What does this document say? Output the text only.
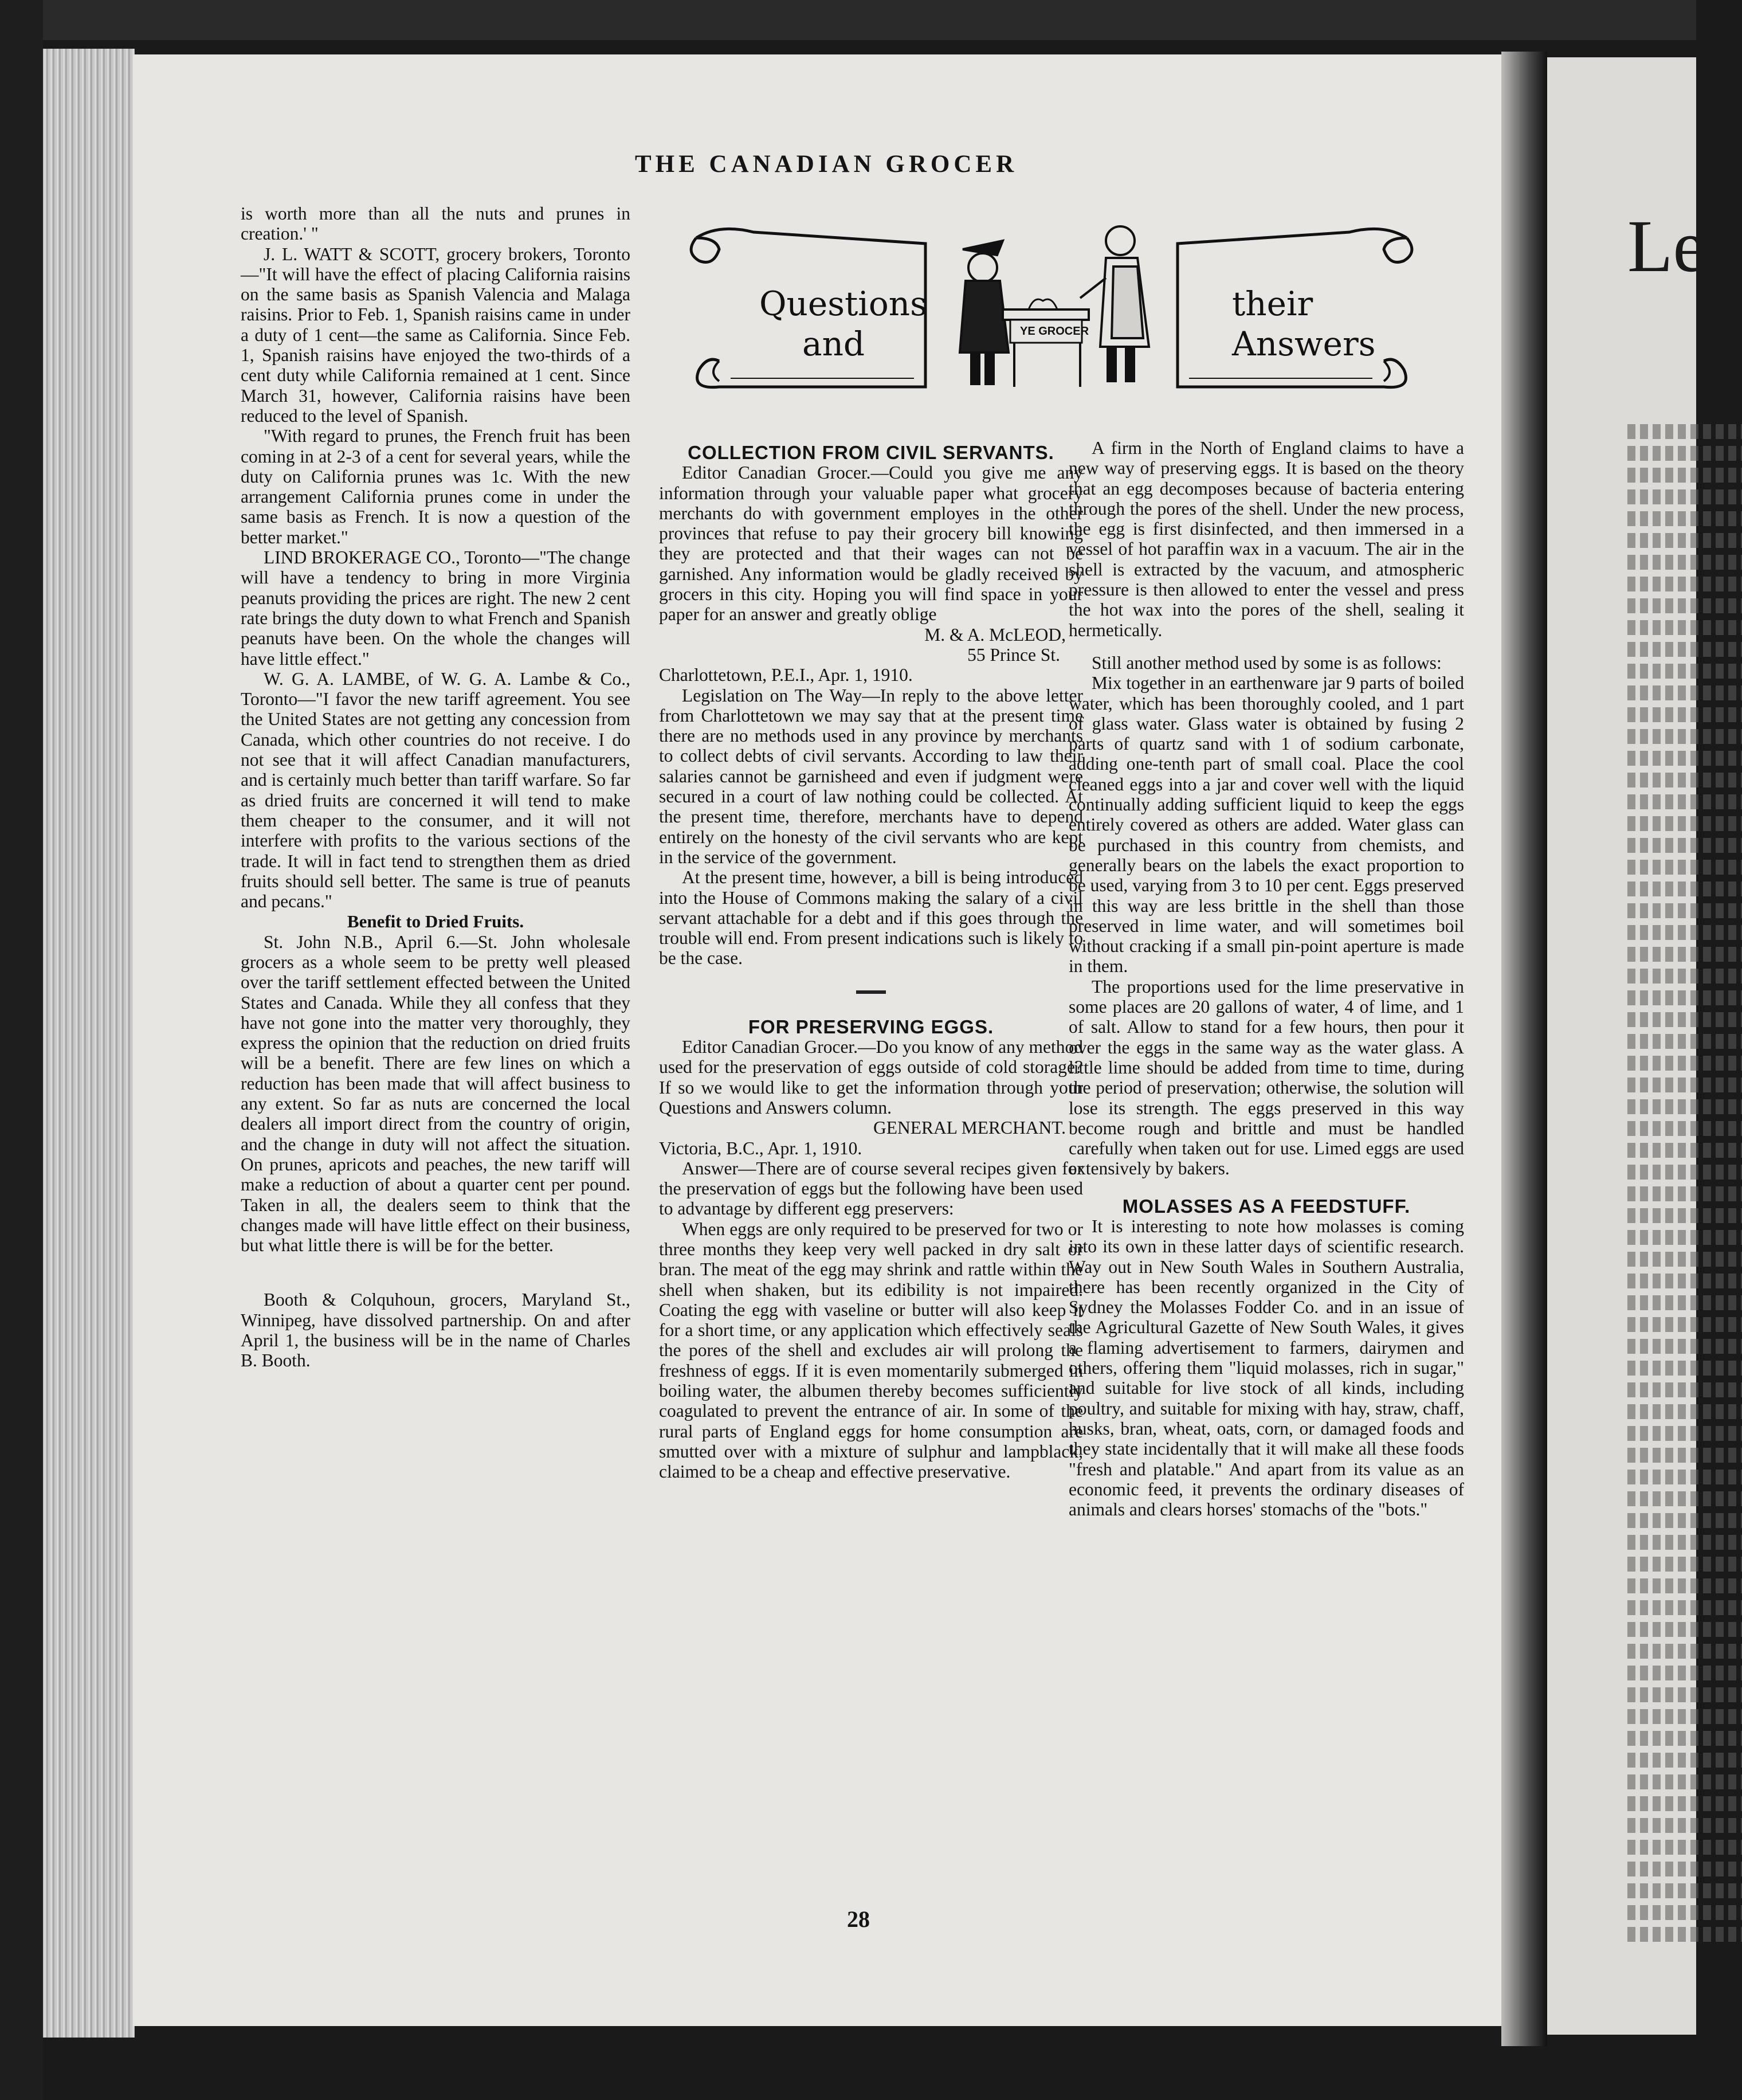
THE CANADIAN GROCER
Questions
and
their
Answers
YE GROCER

is worth more than all the nuts and prunes in creation.' "

J. L. WATT & SCOTT, grocery brokers, Toronto—"It will have the effect of placing California raisins on the same basis as Spanish Valencia and Malaga raisins. Prior to Feb. 1, Spanish raisins came in under a duty of 1 cent—the same as California. Since Feb. 1, Spanish raisins have enjoyed the two-thirds of a cent duty while California remained at 1 cent. Since March 31, however, California raisins have been reduced to the level of Spanish.

"With regard to prunes, the French fruit has been coming in at 2-3 of a cent for several years, while the duty on California prunes was 1c. With the new arrangement California prunes come in under the same basis as French. It is now a question of the better market."

LIND BROKERAGE CO., Toronto—"The change will have a tendency to bring in more Virginia peanuts providing the prices are right. The new 2 cent rate brings the duty down to what French and Spanish peanuts have been. On the whole the changes will have little effect."

W. G. A. LAMBE, of W. G. A. Lambe & Co., Toronto—"I favor the new tariff agreement. You see the United States are not getting any concession from Canada, which other countries do not receive. I do not see that it will affect Canadian manufacturers, and is certainly much better than tariff warfare. So far as dried fruits are concerned it will tend to make them cheaper to the consumer, and it will not interfere with profits to the various sections of the trade. It will in fact tend to strengthen them as dried fruits should sell better. The same is true of peanuts and pecans."

Benefit to Dried Fruits.

St. John N.B., April 6.—St. John wholesale grocers as a whole seem to be pretty well pleased over the tariff settlement effected between the United States and Canada. While they all confess that they have not gone into the matter very thoroughly, they express the opinion that the reduction on dried fruits will be a benefit. There are few lines on which a reduction has been made that will affect business to any extent. So far as nuts are concerned the local dealers all import direct from the country of origin, and the change in duty will not affect the situation. On prunes, apricots and peaches, the new tariff will make a reduction of about a quarter cent per pound. Taken in all, the dealers seem to think that the changes made will have little effect on their business, but what little there is will be for the better.

Booth & Colquhoun, grocers, Maryland St., Winnipeg, have dissolved partnership. On and after April 1, the business will be in the name of Charles B. Booth.

COLLECTION FROM CIVIL SERVANTS.

Editor Canadian Grocer.—Could you give me any information through your valuable paper what grocery merchants do with government employes in the other provinces that refuse to pay their grocery bill knowing they are protected and that their wages can not be garnished. Any information would be gladly received by grocers in this city. Hoping you will find space in your paper for an answer and greatly oblige

M. & A. McLEOD,

55 Prince St.

Charlottetown, P.E.I., Apr. 1, 1910.

Legislation on The Way—In reply to the above letter from Charlottetown we may say that at the present time there are no methods used in any province by merchants to collect debts of civil servants. According to law their salaries cannot be garnisheed and even if judgment were secured in a court of law nothing could be collected. At the present time, therefore, merchants have to depend entirely on the honesty of the civil servants who are kept in the service of the government.

At the present time, however, a bill is being introduced into the House of Commons making the salary of a civil servant attachable for a debt and if this goes through the trouble will end. From present indications such is likely to be the case.

FOR PRESERVING EGGS.

Editor Canadian Grocer.—Do you know of any method used for the preservation of eggs outside of cold storage? If so we would like to get the information through your Questions and Answers column.

GENERAL MERCHANT.

Victoria, B.C., Apr. 1, 1910.

Answer—There are of course several recipes given for the preservation of eggs but the following have been used to advantage by different egg preservers:

When eggs are only required to be preserved for two or three months they keep very well packed in dry salt or bran. The meat of the egg may shrink and rattle within the shell when shaken, but its edibility is not impaired. Coating the egg with vaseline or butter will also keep it for a short time, or any application which effectively seals the pores of the shell and excludes air will prolong the freshness of eggs. If it is even momentarily submerged in boiling water, the albumen thereby becomes sufficiently coagulated to prevent the entrance of air. In some of the rural parts of England eggs for home consumption are smutted over with a mixture of sulphur and lampblack, claimed to be a cheap and effective preservative.

A firm in the North of England claims to have a new way of preserving eggs. It is based on the theory that an egg decomposes because of bacteria entering through the pores of the shell. Under the new process, the egg is first disinfected, and then immersed in a vessel of hot paraffin wax in a vacuum. The air in the shell is extracted by the vacuum, and atmospheric pressure is then allowed to enter the vessel and press the hot wax into the pores of the shell, sealing it hermetically.

Still another method used by some is as follows:

Mix together in an earthenware jar 9 parts of boiled water, which has been thoroughly cooled, and 1 part of glass water. Glass water is obtained by fusing 2 parts of quartz sand with 1 of sodium carbonate, adding one-tenth part of small coal. Place the cool cleaned eggs into a jar and cover well with the liquid continually adding sufficient liquid to keep the eggs entirely covered as others are added. Water glass can be purchased in this country from chemists, and generally bears on the labels the exact proportion to be used, varying from 3 to 10 per cent. Eggs preserved in this way are less brittle in the shell than those preserved in lime water, and will sometimes boil without cracking if a small pin-point aperture is made in them.

The proportions used for the lime preservative in some places are 20 gallons of water, 4 of lime, and 1 of salt. Allow to stand for a few hours, then pour it over the eggs in the same way as the water glass. A little lime should be added from time to time, during the period of preservation; otherwise, the solution will lose its strength. The eggs preserved in this way become rough and brittle and must be handled carefully when taken out for use. Limed eggs are used extensively by bakers.

MOLASSES AS A FEEDSTUFF.

It is interesting to note how molasses is coming into its own in these latter days of scientific research. Way out in New South Wales in Southern Australia, there has been recently organized in the City of Sydney the Molasses Fodder Co. and in an issue of the Agricultural Gazette of New South Wales, it gives a flaming advertisement to farmers, dairymen and others, offering them "liquid molasses, rich in sugar," and suitable for live stock of all kinds, including poultry, and suitable for mixing with hay, straw, chaff, husks, bran, wheat, oats, corn, or damaged foods and they state incidentally that it will make all these foods "fresh and platable." And apart from its value as an economic feed, it prevents the ordinary diseases of animals and clears horses' stomachs of the "bots."

28
Lea
